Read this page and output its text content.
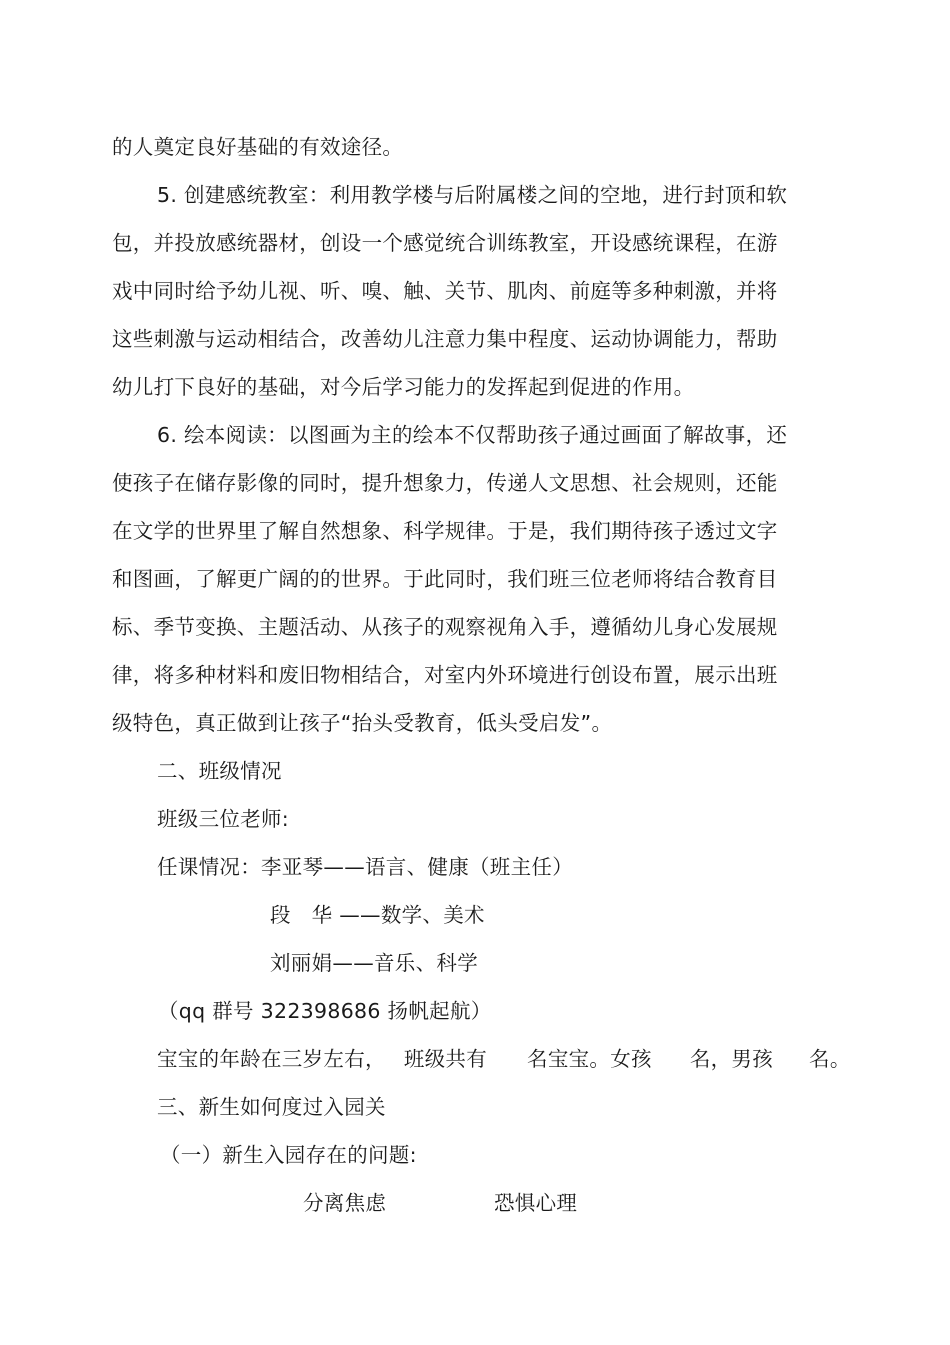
的人奠定良好基础的有效途径。
5. 创建感统教室：利用教学楼与后附属楼之间的空地，进行封顶和软
包，并投放感统器材，创设一个感觉统合训练教室，开设感统课程，在游
戏中同时给予幼儿视、听、嗅、触、关节、肌肉、前庭等多种刺激，并将
这些刺激与运动相结合，改善幼儿注意力集中程度、运动协调能力，帮助
幼儿打下良好的基础，对今后学习能力的发挥起到促进的作用。
6. 绘本阅读：以图画为主的绘本不仅帮助孩子通过画面了解故事，还
使孩子在储存影像的同时，提升想象力，传递人文思想、社会规则，还能
在文学的世界里了解自然想象、科学规律。于是，我们期待孩子透过文字
和图画，了解更广阔的的世界。于此同时，我们班三位老师将结合教育目
标、季节变换、主题活动、从孩子的观察视角入手，遵循幼儿身心发展规
律，将多种材料和废旧物相结合，对室内外环境进行创设布置，展示出班
级特色，真正做到让孩子“抬头受教育，低头受启发”。
二、班级情况
班级三位老师:
任课情况：李亚琴——语言、健康（班主任）
段　华 ——数学、美术
刘丽娟——音乐、科学
（qq 群号 322398686 扬帆起航）
宝宝的年龄在三岁左右， 班级共有 名宝宝。女孩 名，男孩 名。
三、新生如何度过入园关
（一）新生入园存在的问题:
分离焦虑	恐惧心理
